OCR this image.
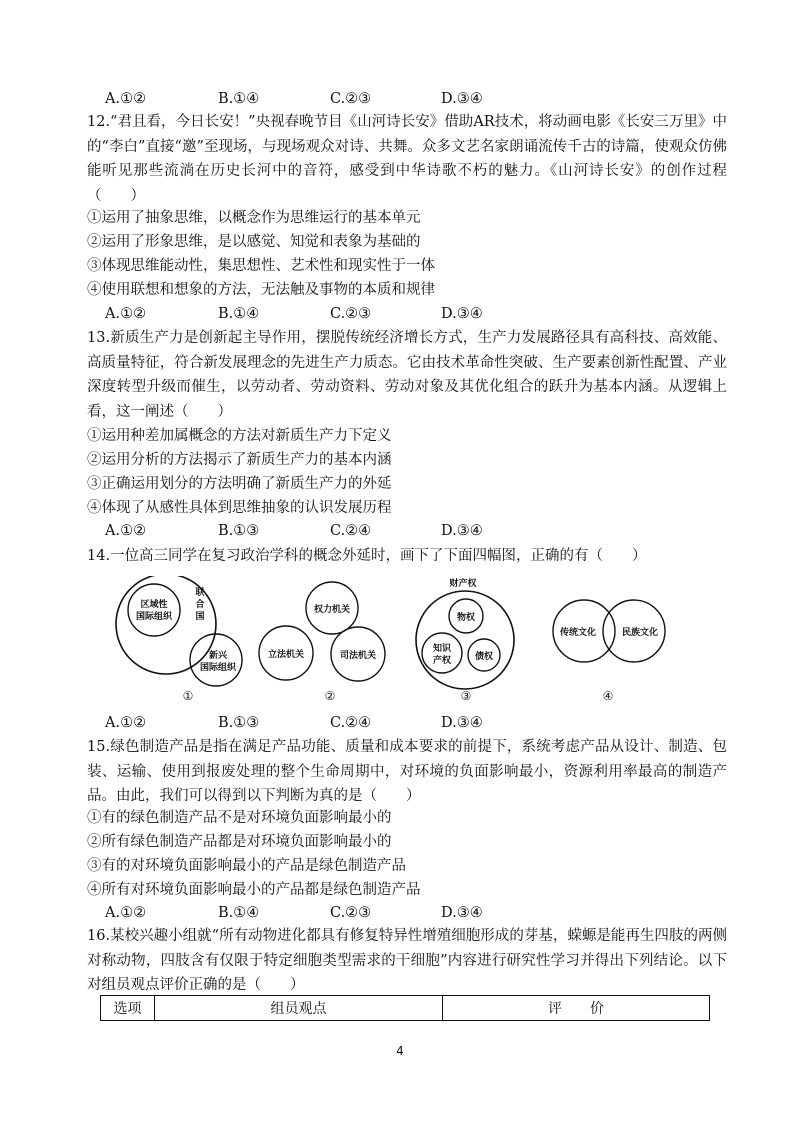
A.①②	B.①④	C.②③	D.③④
12.“君且看，今日长安！”央视春晚节目《山河诗长安》借助AR技术，将动画电影《长安三万里》中的“李白”直接“邀”至现场，与现场观众对诗、共舞。众多文艺名家朗诵流传千古的诗篇，使观众仿佛能听见那些流淌在历史长河中的音符，感受到中华诗歌不朽的魅力。《山河诗长安》的创作过程（　　）
①运用了抽象思维，以概念作为思维运行的基本单元
②运用了形象思维，是以感觉、知觉和表象为基础的
③体现思维能动性，集思想性、艺术性和现实性于一体
④使用联想和想象的方法，无法触及事物的本质和规律
A.①②	B.①④	C.②③	D.③④
13.新质生产力是创新起主导作用，摆脱传统经济增长方式，生产力发展路径具有高科技、高效能、高质量特征，符合新发展理念的先进生产力质态。它由技术革命性突破、生产要素创新性配置、产业深度转型升级而催生，以劳动者、劳动资料、劳动对象及其优化组合的跃升为基本内涵。从逻辑上看，这一阐述（　　）
①运用种差加属概念的方法对新质生产力下定义
②运用分析的方法揭示了新质生产力的基本内涵
③正确运用划分的方法明确了新质生产力的外延
④体现了从感性具体到思维抽象的认识发展历程
A.①②	B.①③	C.②④	D.③④
14.一位高三同学在复习政治学科的概念外延时，画下了下面四幅图，正确的有（　　）
区域性
国际组织
联
合
国
新兴
国际组织
①
权力机关
立法机关	司法机关
②
财产权
物权
知识
产权	债权
③
传统文化	民族文化
④
A.①②	B.①③	C.②④	D.③④
15.绿色制造产品是指在满足产品功能、质量和成本要求的前提下，系统考虑产品从设计、制造、包装、运输、使用到报废处理的整个生命周期中，对环境的负面影响最小，资源利用率最高的制造产品。由此，我们可以得到以下判断为真的是（　　）
①有的绿色制造产品不是对环境负面影响最小的
②所有绿色制造产品都是对环境负面影响最小的
③有的对环境负面影响最小的产品是绿色制造产品
④所有对环境负面影响最小的产品都是绿色制造产品
A.①②	B.①④	C.②③	D.③④
16.某校兴趣小组就“所有动物进化都具有修复特异性增殖细胞形成的芽基，蝾螈是能再生四肢的两侧对称动物，四肢含有仅限于特定细胞类型需求的干细胞”内容进行研究性学习并得出下列结论。以下对组员观点评价正确的是（　　）
选项	组员观点	评　　价
4
